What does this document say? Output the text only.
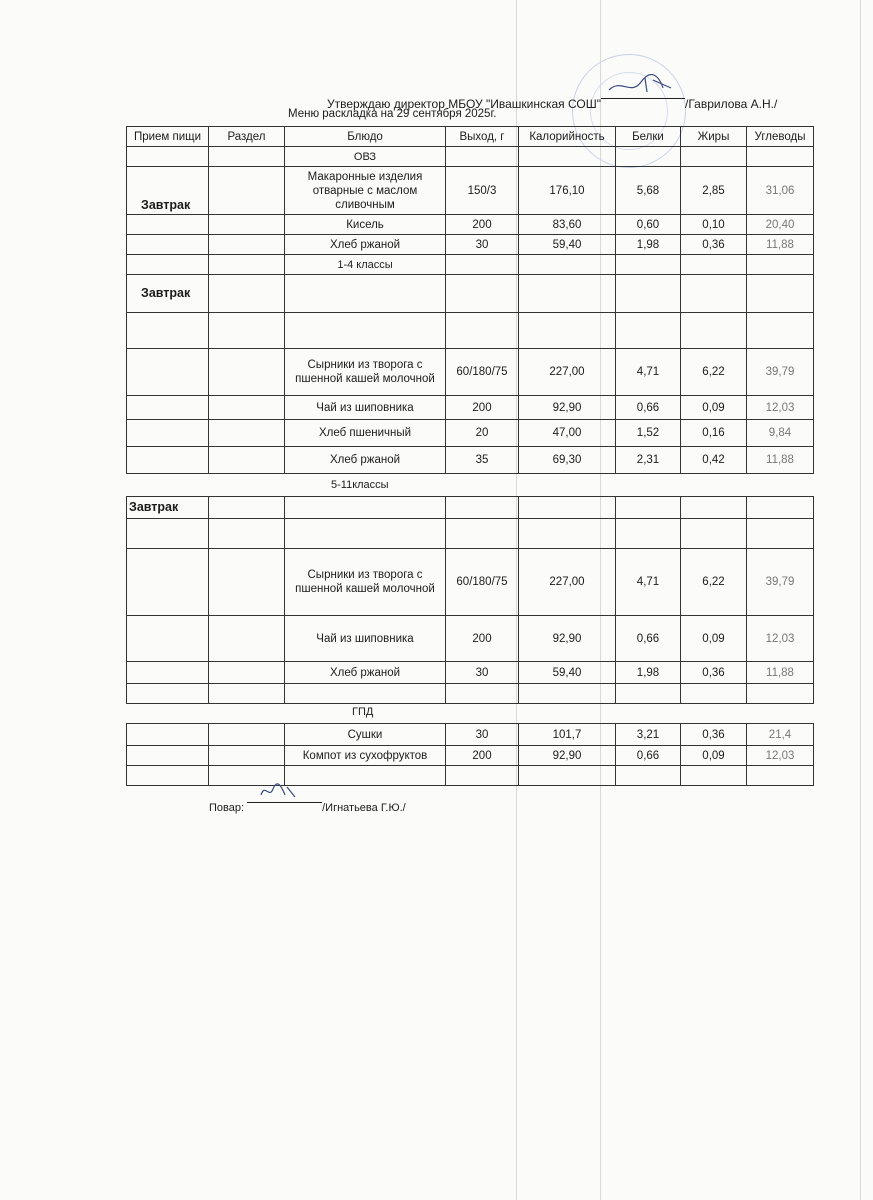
Утверждаю директор МБОУ "Ивашкинская СОШ"	/Гаврилова А.Н./
Меню раскладка на 29 сентября 2025г.
Прием пищи	Раздел	Блюдо	Выход, г	Калорийность	Белки	Жиры	Углеводы
		ОВЗ					
Завтрак		Макаронные изделия отварные с маслом сливочным	150/3	176,10	5,68	2,85	31,06
		Кисель	200	83,60	0,60	0,10	20,40
		Хлеб ржаной	30	59,40	1,98	0,36	11,88
		1-4 классы					
Завтрак							

		Сырники из творога с пшенной кашей молочной	60/180/75	227,00	4,71	6,22	39,79
		Чай из шиповника	200	92,90	0,66	0,09	12,03
		Хлеб пшеничный	20	47,00	1,52	0,16	9,84
		Хлеб ржаной	35	69,30	2,31	0,42	11,88
5-11классы
Завтрак							

		Сырники из творога с пшенной кашей молочной	60/180/75	227,00	4,71	6,22	39,79
		Чай из шиповника	200	92,90	0,66	0,09	12,03
		Хлеб ржаной	30	59,40	1,98	0,36	11,88

ГПД
		Сушки	30	101,7	3,21	0,36	21,4
		Компот из сухофруктов	200	92,90	0,66	0,09	12,03

Повар:	/Игнатьева Г.Ю./
